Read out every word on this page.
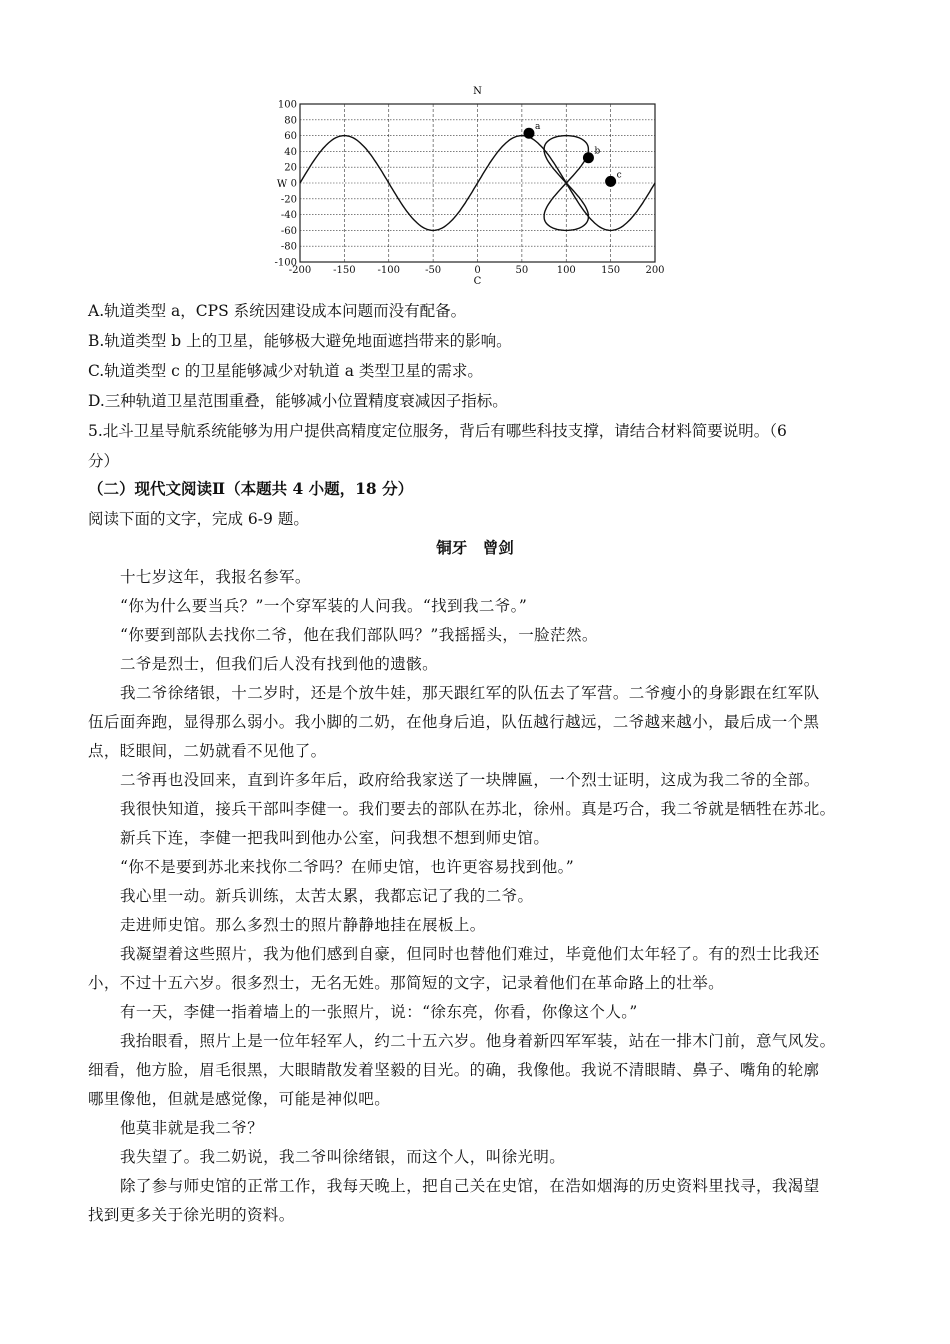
100
80
60
40
20
0
-20
-40
-60
-80
-100
-200 -150 -100	-50	0	50	100	150	200
N
C
W
a
b
c
A.轨道类型 a，CPS 系统因建设成本问题而没有配备。
B.轨道类型 b 上的卫星，能够极大避免地面遮挡带来的影响。
C.轨道类型 c 的卫星能够减少对轨道 a 类型卫星的需求。
D.三种轨道卫星范围重叠，能够减小位置精度衰减因子指标。
5.北斗卫星导航系统能够为用户提供高精度定位服务，背后有哪些科技支撑，请结合材料简要说明。（6
分）
（二）现代文阅读Ⅱ（本题共 4 小题，18 分）
阅读下面的文字，完成 6-9 题。
铜牙　曾剑
十七岁这年，我报名参军。
“你为什么要当兵？”一个穿军装的人问我。“找到我二爷。”
“你要到部队去找你二爷，他在我们部队吗？”我摇摇头，一脸茫然。
二爷是烈士，但我们后人没有找到他的遗骸。
我二爷徐绪银，十二岁时，还是个放牛娃，那天跟红军的队伍去了军营。二爷瘦小的身影跟在红军队
伍后面奔跑，显得那么弱小。我小脚的二奶，在他身后追，队伍越行越远，二爷越来越小，最后成一个黑
点，眨眼间，二奶就看不见他了。
二爷再也没回来，直到许多年后，政府给我家送了一块牌匾，一个烈士证明，这成为我二爷的全部。
我很快知道，接兵干部叫李健一。我们要去的部队在苏北，徐州。真是巧合，我二爷就是牺牲在苏北。
新兵下连，李健一把我叫到他办公室，问我想不想到师史馆。
“你不是要到苏北来找你二爷吗？在师史馆，也许更容易找到他。”
我心里一动。新兵训练，太苦太累，我都忘记了我的二爷。
走进师史馆。那么多烈士的照片静静地挂在展板上。
我凝望着这些照片，我为他们感到自豪，但同时也替他们难过，毕竟他们太年轻了。有的烈士比我还
小，不过十五六岁。很多烈士，无名无姓。那简短的文字，记录着他们在革命路上的壮举。
有一天，李健一指着墙上的一张照片，说：“徐东亮，你看，你像这个人。”
我抬眼看，照片上是一位年轻军人，约二十五六岁。他身着新四军军装，站在一排木门前，意气风发。
细看，他方脸，眉毛很黑，大眼睛散发着坚毅的目光。的确，我像他。我说不清眼睛、鼻子、嘴角的轮廓
哪里像他，但就是感觉像，可能是神似吧。
他莫非就是我二爷？
我失望了。我二奶说，我二爷叫徐绪银，而这个人，叫徐光明。
除了参与师史馆的正常工作，我每天晚上，把自己关在史馆，在浩如烟海的历史资料里找寻，我渴望
找到更多关于徐光明的资料。
